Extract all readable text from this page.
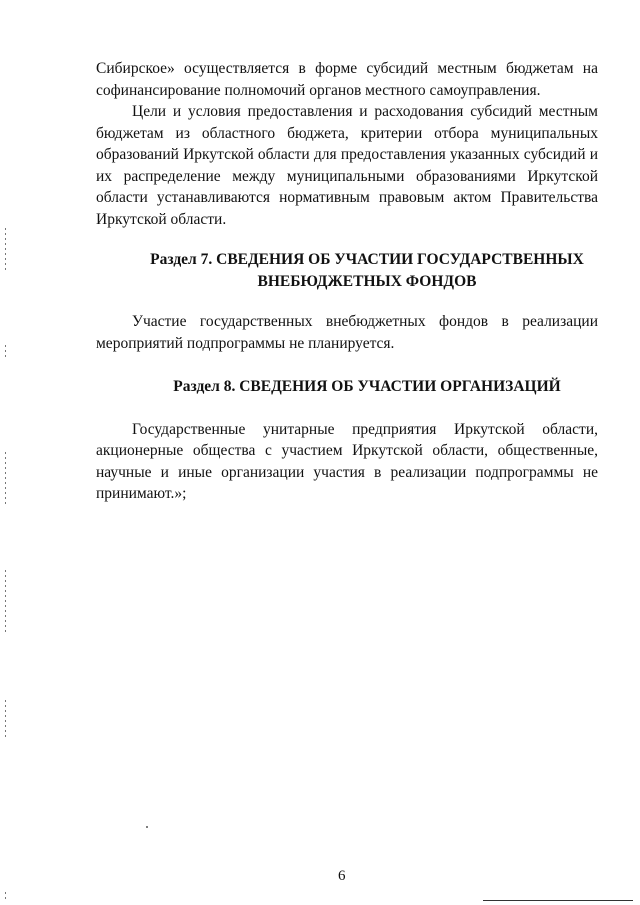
Сибирское» осуществляется в форме субсидий местным бюджетам на
софинансирование полномочий органов местного самоуправления.

Цели и условия предоставления и расходования субсидий местным
бюджетам из областного бюджета, критерии отбора муниципальных
образований Иркутской области для предоставления указанных субсидий и
их распределение между муниципальными образованиями Иркутской
области устанавливаются нормативным правовым актом Правительства
Иркутской области.

Раздел 7. СВЕДЕНИЯ ОБ УЧАСТИИ ГОСУДАРСТВЕННЫХ
ВНЕБЮДЖЕТНЫХ ФОНДОВ

Участие государственных внебюджетных фондов в реализации
мероприятий подпрограммы не планируется.

Раздел 8. СВЕДЕНИЯ ОБ УЧАСТИИ ОРГАНИЗАЦИЙ

Государственные унитарные предприятия Иркутской области,
акционерные общества с участием Иркутской области, общественные,
научные и иные организации участия в реализации подпрограммы не
принимают.»;

6
